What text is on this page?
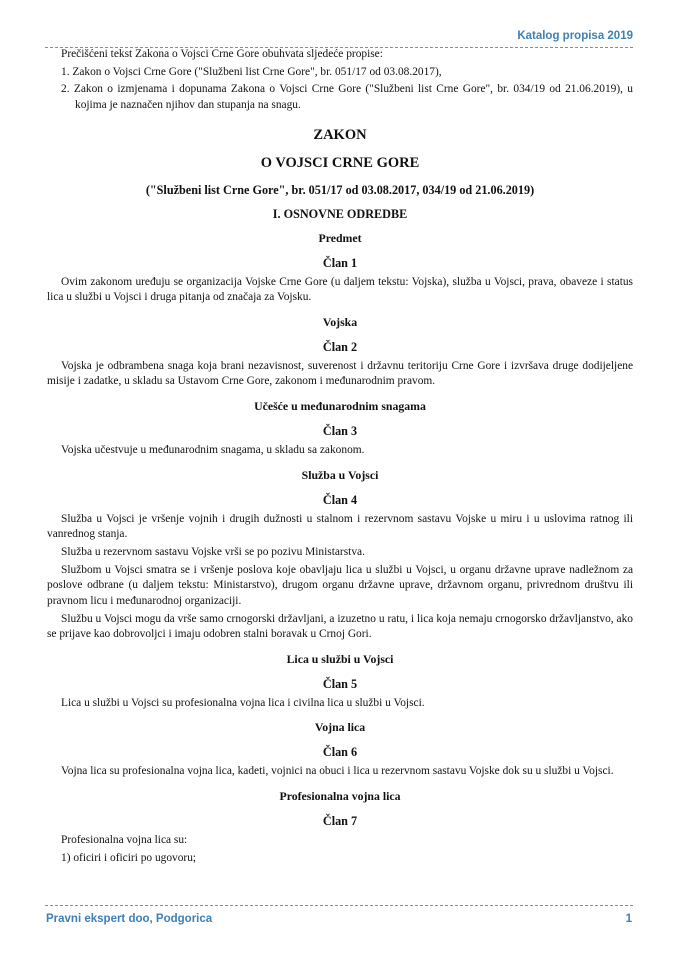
Katalog propisa 2019

Prečišćeni tekst Zakona o Vojsci Crne Gore obuhvata sljedeće propise:

1. Zakon o Vojsci Crne Gore ("Službeni list Crne Gore", br. 051/17 od 03.08.2017),

2. Zakon o izmjenama i dopunama Zakona o Vojsci Crne Gore ("Službeni list Crne Gore", br. 034/19 od 21.06.2019), u kojima je naznačen njihov dan stupanja na snagu.

ZAKON
O VOJSCI CRNE GORE
("Službeni list Crne Gore", br. 051/17 od 03.08.2017, 034/19 od 21.06.2019)
I. OSNOVNE ODREDBE
Predmet
Član 1

Ovim zakonom uređuju se organizacija Vojske Crne Gore (u daljem tekstu: Vojska), služba u Vojsci, prava, obaveze i status lica u službi u Vojsci i druga pitanja od značaja za Vojsku.

Vojska
Član 2

Vojska je odbrambena snaga koja brani nezavisnost, suverenost i državnu teritoriju Crne Gore i izvršava druge dodijeljene misije i zadatke, u skladu sa Ustavom Crne Gore, zakonom i međunarodnim pravom.

Učešće u međunarodnim snagama
Član 3

Vojska učestvuje u međunarodnim snagama, u skladu sa zakonom.

Služba u Vojsci
Član 4

Služba u Vojsci je vršenje vojnih i drugih dužnosti u stalnom i rezervnom sastavu Vojske u miru i u uslovima ratnog ili vanrednog stanja.

Služba u rezervnom sastavu Vojske vrši se po pozivu Ministarstva.

Službom u Vojsci smatra se i vršenje poslova koje obavljaju lica u službi u Vojsci, u organu državne uprave nadležnom za poslove odbrane (u daljem tekstu: Ministarstvo), drugom organu državne uprave, državnom organu, privrednom društvu ili pravnom licu i međunarodnoj organizaciji.

Službu u Vojsci mogu da vrše samo crnogorski državljani, a izuzetno u ratu, i lica koja nemaju crnogorsko državljanstvo, ako se prijave kao dobrovoljci i imaju odobren stalni boravak u Crnoj Gori.

Lica u službi u Vojsci
Član 5

Lica u službi u Vojsci su profesionalna vojna lica i civilna lica u službi u Vojsci.

Vojna lica
Član 6

Vojna lica su profesionalna vojna lica, kadeti, vojnici na obuci i lica u rezervnom sastavu Vojske dok su u službi u Vojsci.

Profesionalna vojna lica
Član 7

Profesionalna vojna lica su:

1) oficiri i oficiri po ugovoru;

Pravni ekspert doo, Podgorica	1
